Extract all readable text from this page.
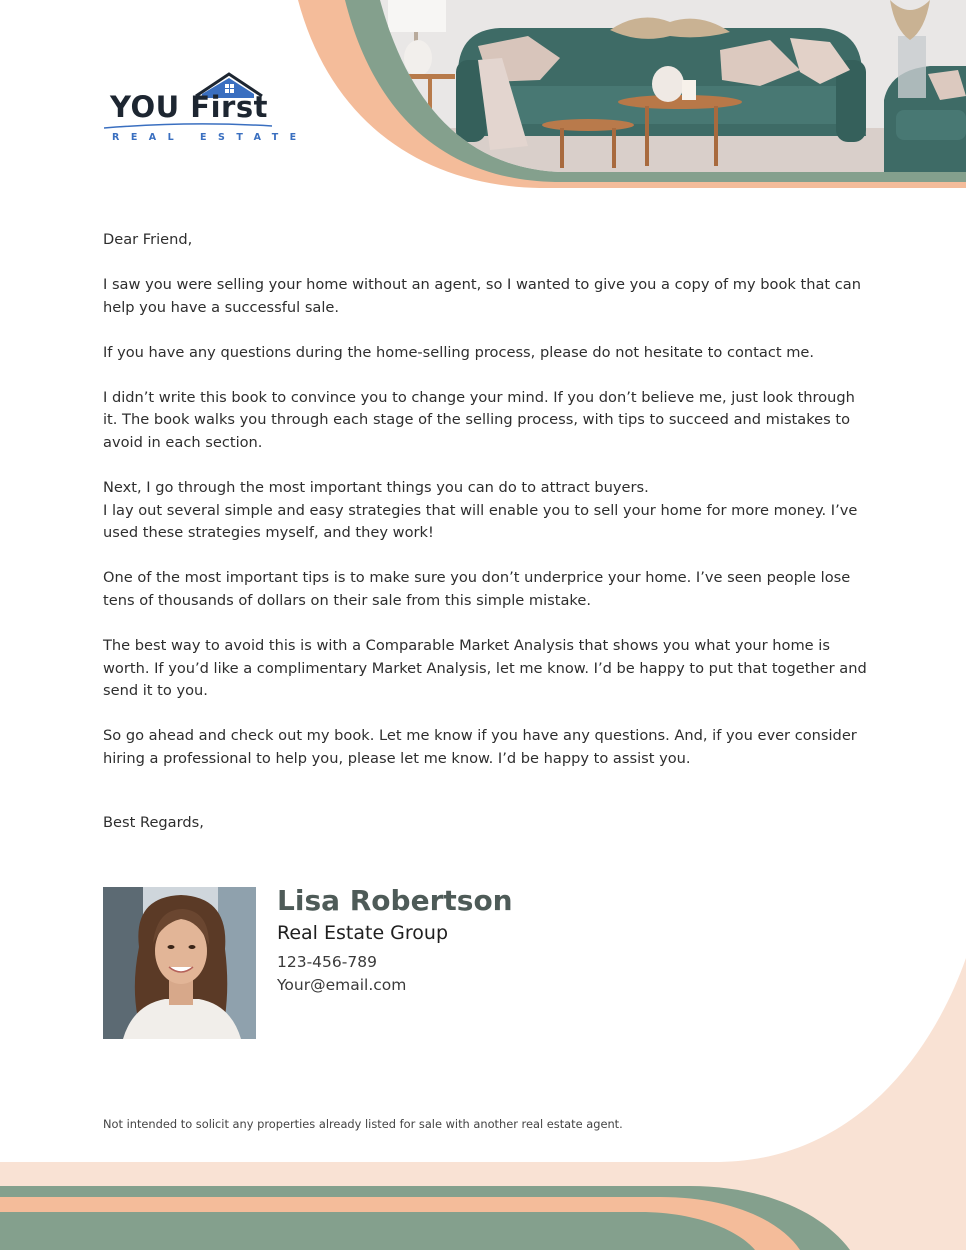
YOU First
REAL ESTATE

Dear Friend,

I saw you were selling your home without an agent, so I wanted to give you a copy of my book that can help you have a successful sale.

If you have any questions during the home-selling process, please do not hesitate to contact me.

I didn’t write this book to convince you to change your mind. If you don’t believe me, just look through it. The book walks you through each stage of the selling process, with tips to succeed and mistakes to avoid in each section.

Next, I go through the most important things you can do to attract buyers.

I lay out several simple and easy strategies that will enable you to sell your home for more money. I’ve used these strategies myself, and they work!

One of the most important tips is to make sure you don’t underprice your home. I’ve seen people lose tens of thousands of dollars on their sale from this simple mistake.

The best way to avoid this is with a Comparable Market Analysis that shows you what your home is worth. If you’d like a complimentary Market Analysis, let me know. I’d be happy to put that together and send it to you.

So go ahead and check out my book. Let me know if you have any questions. And, if you ever consider hiring a professional to help you, please let me know. I’d be happy to assist you.

Best Regards,
Lisa Robertson
Real Estate Group
123-456-789
Your@email.com
Not intended to solicit any properties already listed for sale with another real estate agent.
